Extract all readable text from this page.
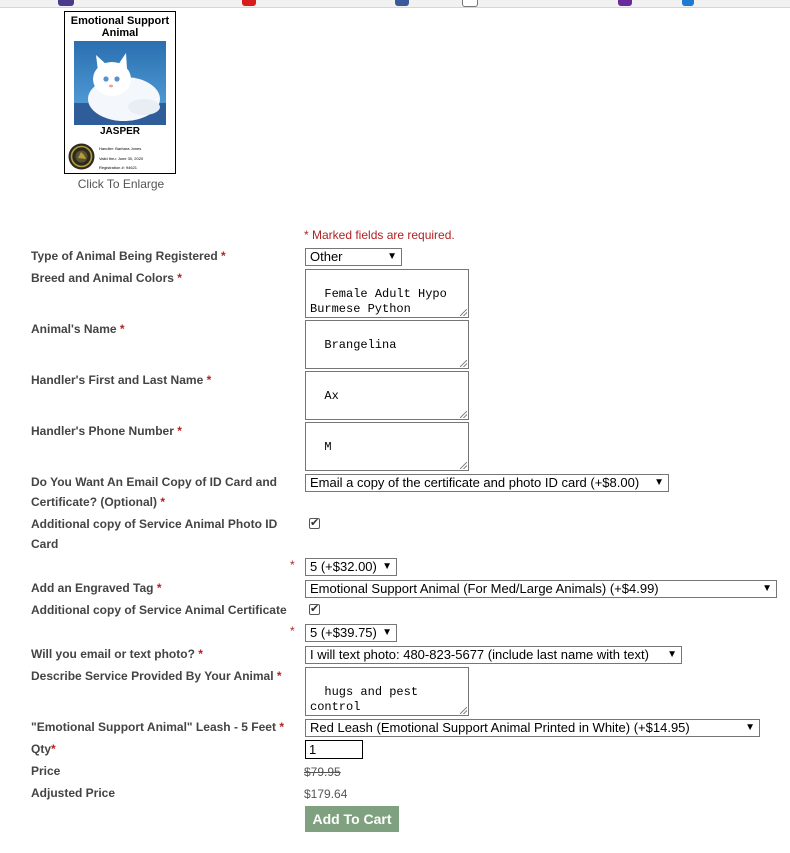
Emotional Support
Animal
JASPER
Handler: Barbara Jones
Valid thru: June 30, 2020
Registration #: 94621
Click To Enlarge
* Marked fields are required.
Type of Animal Being Registered *	Other	▼
Breed and Animal Colors *

Female Adult Hypo
Burmese Python

Animal's Name *

Brangelina

Handler's First and Last Name *

Ax

Handler's Phone Number *

M

Do You Want An Email Copy of ID Card and
Certificate? (Optional) *
Email a copy of the certificate and photo ID card (+$8.00) ▼
Additional copy of Service Animal Photo ID
Card
✔
*	5 (+$32.00) ▼
Add an Engraved Tag *	Emotional Support Animal (For Med/Large Animals) (+$4.99)	▼
Additional copy of Service Animal Certificate	✔
*	5 (+$39.75) ▼
Will you email or text photo? *	I will text photo: 480-823-5677 (include last name with text) ▼
Describe Service Provided By Your Animal *

hugs and pest control

"Emotional Support Animal" Leash - 5 Feet *	Red Leash (Emotional Support Animal Printed in White) (+$14.95)	▼
Qty*	1
Price	$79.95
Adjusted Price	$179.64
Add To Cart
